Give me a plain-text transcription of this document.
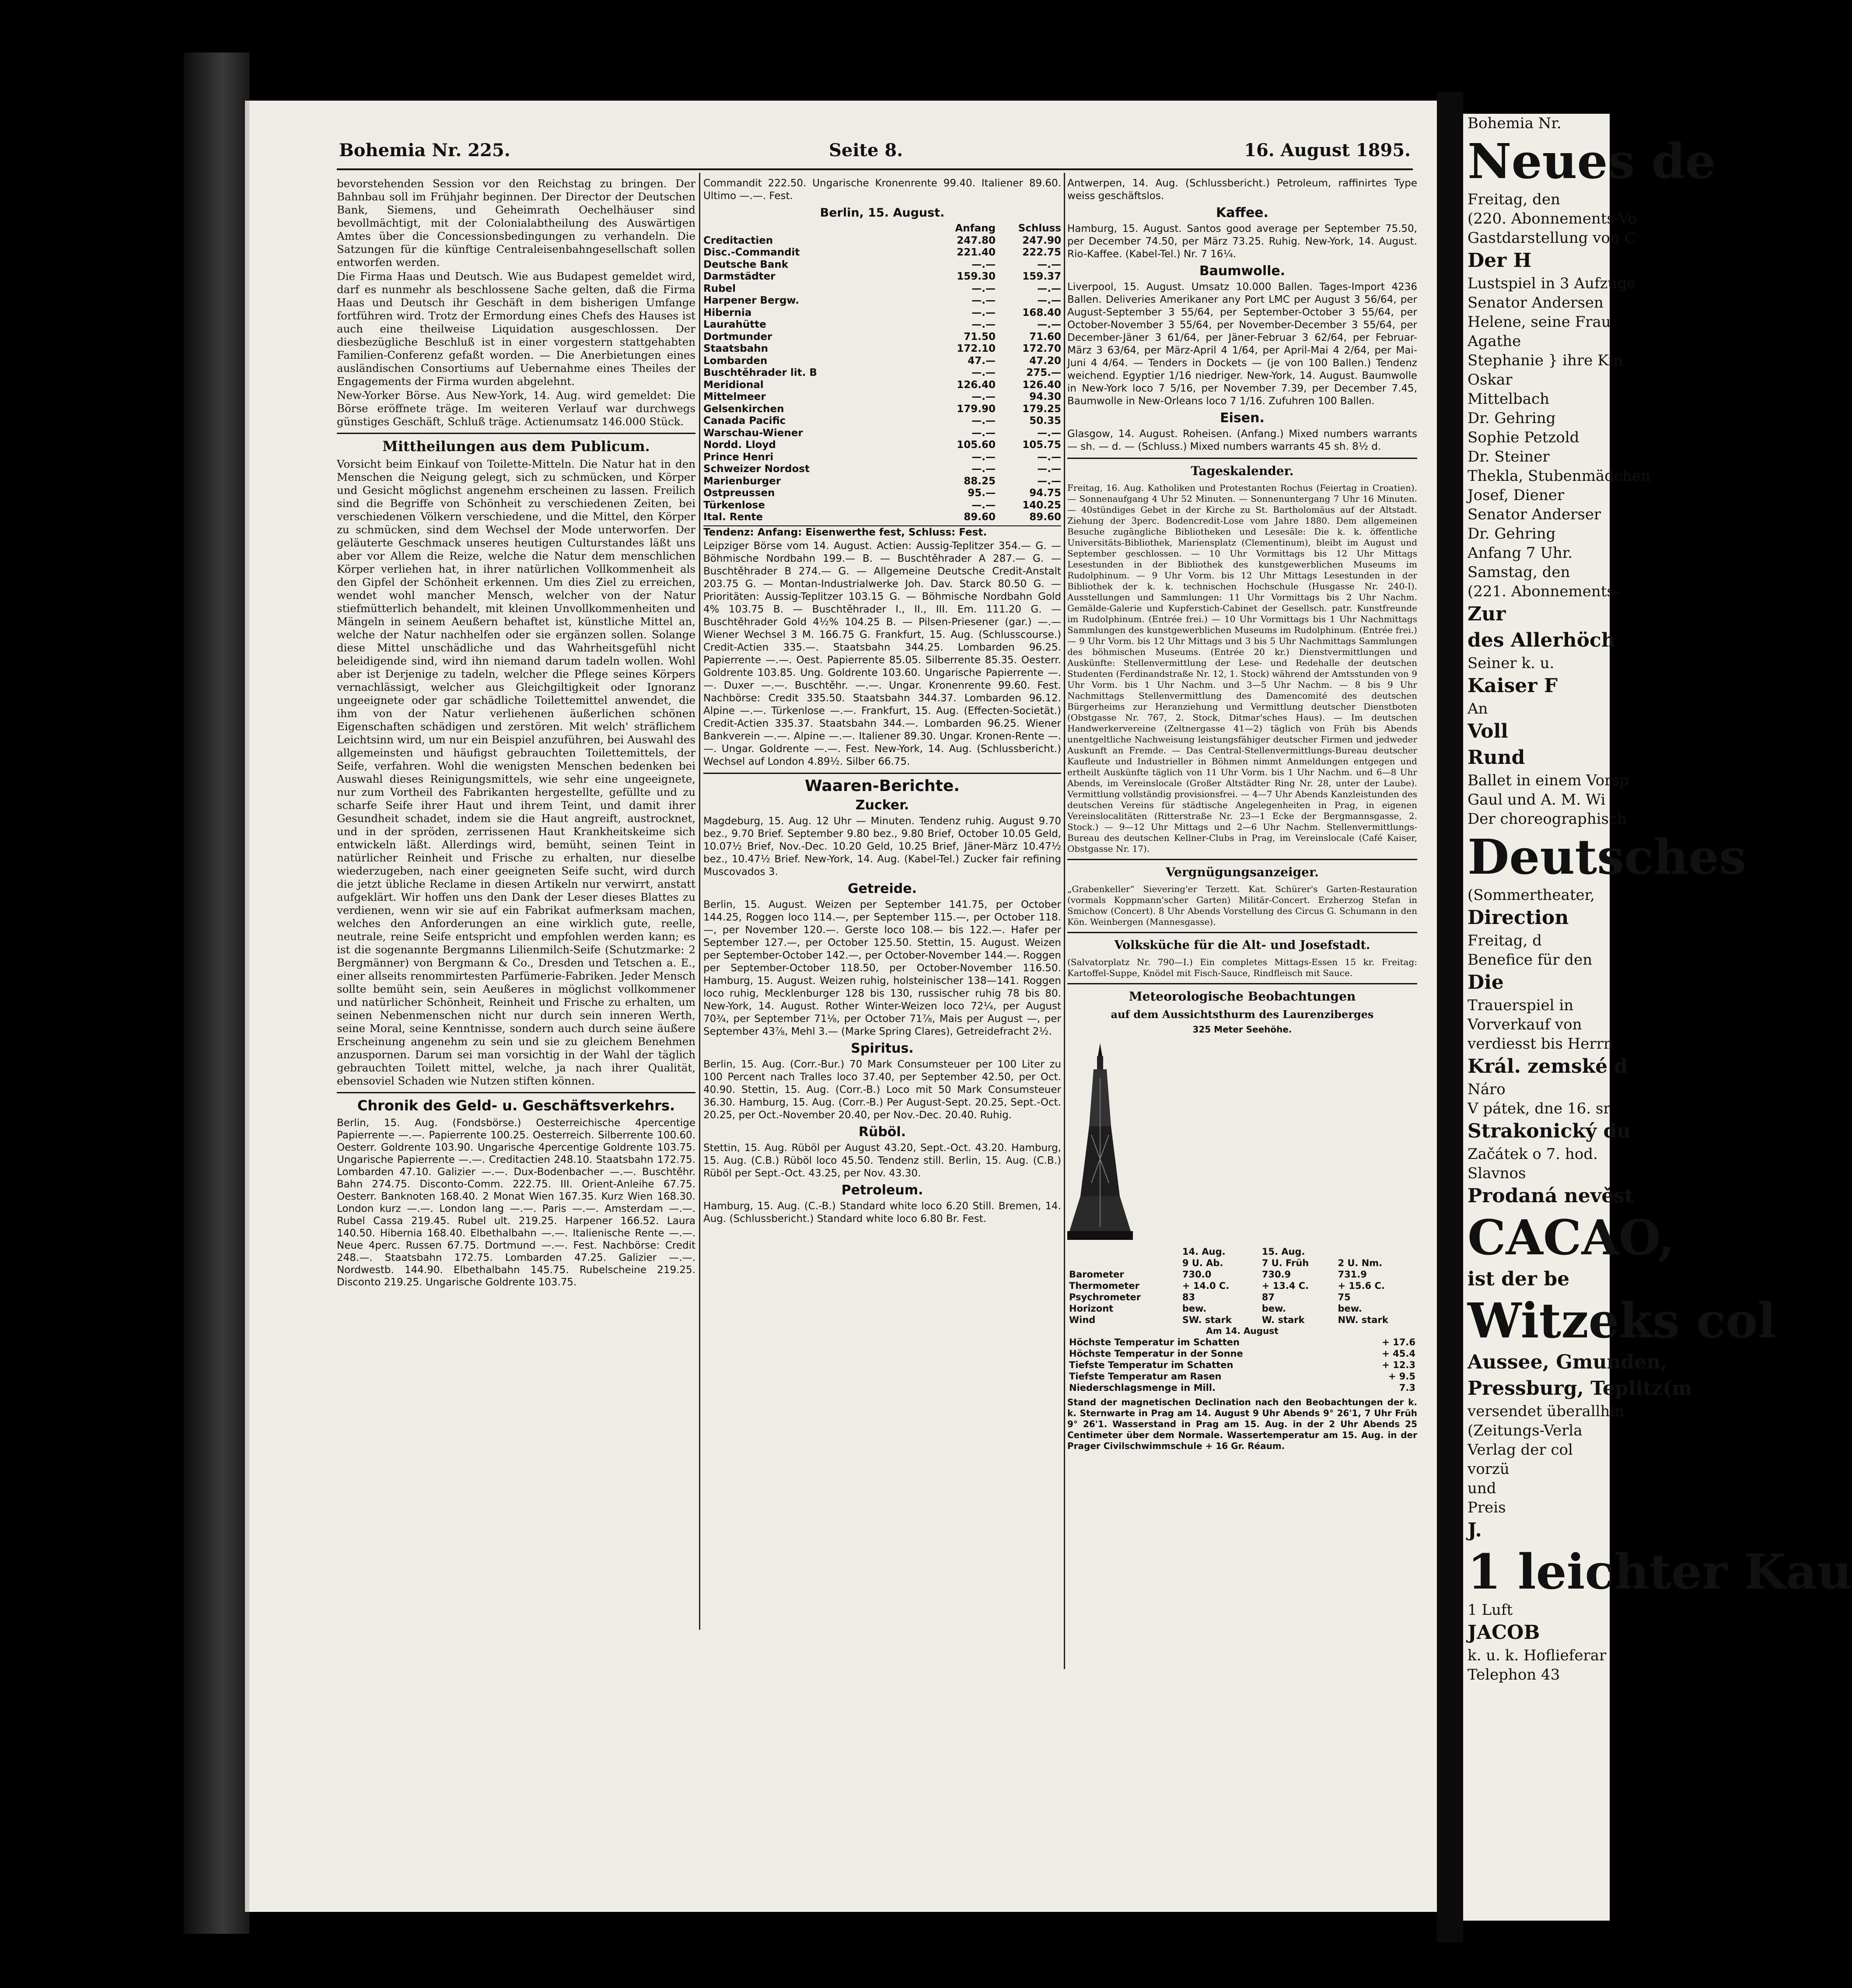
Bohemia Nr. 225.	Seite 8.	16. August 1895.

bevorstehenden Session vor den Reichstag zu bringen. Der Bahnbau soll im Frühjahr beginnen. Der Director der Deutschen Bank, Siemens, und Geheimrath Oechelhäuser sind bevollmächtigt, mit der Colonialabtheilung des Auswärtigen Amtes über die Concessionsbedingungen zu verhandeln. Die Satzungen für die künftige Centraleisenbahngesellschaft sollen entworfen werden.

Die Firma Haas und Deutsch. Wie aus Budapest gemeldet wird, darf es nunmehr als beschlossene Sache gelten, daß die Firma Haas und Deutsch ihr Geschäft in dem bisherigen Umfange fortführen wird. Trotz der Ermordung eines Chefs des Hauses ist auch eine theilweise Liquidation ausgeschlossen. Der diesbezügliche Beschluß ist in einer vorgestern stattgehabten Familien-Conferenz gefaßt worden. — Die Anerbietungen eines ausländischen Consortiums auf Uebernahme eines Theiles der Engagements der Firma wurden abgelehnt.

New-Yorker Börse. Aus New-York, 14. Aug. wird gemeldet: Die Börse eröffnete träge. Im weiteren Verlauf war durchwegs günstiges Geschäft, Schluß träge. Actienumsatz 146.000 Stück.

Mittheilungen aus dem Publicum.

Vorsicht beim Einkauf von Toilette-Mitteln. Die Natur hat in den Menschen die Neigung gelegt, sich zu schmücken, und Körper und Gesicht möglichst angenehm erscheinen zu lassen. Freilich sind die Begriffe von Schönheit zu verschiedenen Zeiten, bei verschiedenen Völkern verschiedene, und die Mittel, den Körper zu schmücken, sind dem Wechsel der Mode unterworfen. Der geläuterte Geschmack unseres heutigen Culturstandes läßt uns aber vor Allem die Reize, welche die Natur dem menschlichen Körper verliehen hat, in ihrer natürlichen Vollkommenheit als den Gipfel der Schönheit erkennen. Um dies Ziel zu erreichen, wendet wohl mancher Mensch, welcher von der Natur stiefmütterlich behandelt, mit kleinen Unvollkommenheiten und Mängeln in seinem Aeußern behaftet ist, künstliche Mittel an, welche der Natur nachhelfen oder sie ergänzen sollen. Solange diese Mittel unschädliche und das Wahrheitsgefühl nicht beleidigende sind, wird ihn niemand darum tadeln wollen. Wohl aber ist Derjenige zu tadeln, welcher die Pflege seines Körpers vernachlässigt, welcher aus Gleichgiltigkeit oder Ignoranz ungeeignete oder gar schädliche Toilettemittel anwendet, die ihm von der Natur verliehenen äußerlichen schönen Eigenschaften schädigen und zerstören. Mit welch' sträflichem Leichtsinn wird, um nur ein Beispiel anzuführen, bei Auswahl des allgemeinsten und häufigst gebrauchten Toilettemittels, der Seife, verfahren. Wohl die wenigsten Menschen bedenken bei Auswahl dieses Reinigungsmittels, wie sehr eine ungeeignete, nur zum Vortheil des Fabrikanten hergestellte, gefüllte und zu scharfe Seife ihrer Haut und ihrem Teint, und damit ihrer Gesundheit schadet, indem sie die Haut angreift, austrocknet, und in der spröden, zerrissenen Haut Krankheitskeime sich entwickeln läßt. Allerdings wird, bemüht, seinen Teint in natürlicher Reinheit und Frische zu erhalten, nur dieselbe wiederzugeben, nach einer geeigneten Seife sucht, wird durch die jetzt übliche Reclame in diesen Artikeln nur verwirrt, anstatt aufgeklärt. Wir hoffen uns den Dank der Leser dieses Blattes zu verdienen, wenn wir sie auf ein Fabrikat aufmerksam machen, welches den Anforderungen an eine wirklich gute, reelle, neutrale, reine Seife entspricht und empfohlen werden kann; es ist die sogenannte Bergmanns Lilienmilch-Seife (Schutzmarke: 2 Bergmänner) von Bergmann & Co., Dresden und Tetschen a. E., einer allseits renommirtesten Parfümerie-Fabriken. Jeder Mensch sollte bemüht sein, sein Aeußeres in möglichst vollkommener und natürlicher Schönheit, Reinheit und Frische zu erhalten, um seinen Nebenmenschen nicht nur durch sein inneren Werth, seine Moral, seine Kenntnisse, sondern auch durch seine äußere Erscheinung angenehm zu sein und sie zu gleichem Benehmen anzuspornen. Darum sei man vorsichtig in der Wahl der täglich gebrauchten Toilett mittel, welche, ja nach ihrer Qualität, ebensoviel Schaden wie Nutzen stiften können.

Chronik des Geld- u. Geschäftsverkehrs.

Berlin, 15. Aug. (Fondsbörse.) Oesterreichische 4percentige Papierrente —.—. Papierrente 100.25. Oesterreich. Silberrente 100.60. Oesterr. Goldrente 103.90. Ungarische 4percentige Goldrente 103.75. Ungarische Papierrente —.—. Creditactien 248.10. Staatsbahn 172.75. Lombarden 47.10. Galizier —.—. Dux-Bodenbacher —.—. Buschtěhr. Bahn 274.75. Disconto-Comm. 222.75. III. Orient-Anleihe 67.75. Oesterr. Banknoten 168.40. 2 Monat Wien 167.35. Kurz Wien 168.30. London kurz —.—. London lang —.—. Paris —.—. Amsterdam —.—. Rubel Cassa 219.45. Rubel ult. 219.25. Harpener 166.52. Laura 140.50. Hibernia 168.40. Elbethalbahn —.—. Italienische Rente —.—. Neue 4perc. Russen 67.75. Dortmund —.—. Fest. Nachbörse: Credit 248.—. Staatsbahn 172.75. Lombarden 47.25. Galizier —.—. Nordwestb. 144.90. Elbethalbahn 145.75. Rubelscheine 219.25. Disconto 219.25. Ungarische Goldrente 103.75.

Commandit 222.50. Ungarische Kronenrente 99.40. Italiener 89.60. Ultimo —.—. Fest.

Berlin, 15. August.
	Anfang	Schluss
Creditactien	247.80	247.90
Disc.-Commandit	221.40	222.75
Deutsche Bank	—.—	—.—
Darmstädter	159.30	159.37
Rubel	—.—	—.—
Harpener Bergw.	—.—	—.—
Hibernia	—.—	168.40
Laurahütte	—.—	—.—
Dortmunder	71.50	71.60
Staatsbahn	172.10	172.70
Lombarden	47.—	47.20
Buschtěhrader lit. B	—.—	275.—
Meridional	126.40	126.40
Mittelmeer	—.—	94.30
Gelsenkirchen	179.90	179.25
Canada Pacific	—.—	50.35
Warschau-Wiener	—.—	—.—
Nordd. Lloyd	105.60	105.75
Prince Henri	—.—	—.—
Schweizer Nordost	—.—	—.—
Marienburger	88.25	—.—
Ostpreussen	95.—	94.75
Türkenlose	—.—	140.25
Ital. Rente	89.60	89.60

Tendenz: Anfang: Eisenwerthe fest, Schluss: Fest.

Leipziger Börse vom 14. August. Actien: Aussig-Teplitzer 354.— G. — Böhmische Nordbahn 199.— B. — Buschtěhrader A 287.— G. — Buschtěhrader B 274.— G. — Allgemeine Deutsche Credit-Anstalt 203.75 G. — Montan-Industrialwerke Joh. Dav. Starck 80.50 G. — Prioritäten: Aussig-Teplitzer 103.15 G. — Böhmische Nordbahn Gold 4% 103.75 B. — Buschtěhrader I., II., III. Em. 111.20 G. — Buschtěhrader Gold 4½% 104.25 B. — Pilsen-Priesener (gar.) —.— Wiener Wechsel 3 M. 166.75 G. Frankfurt, 15. Aug. (Schlusscourse.) Credit-Actien 335.—. Staatsbahn 344.25. Lombarden 96.25. Papierrente —.—. Oest. Papierrente 85.05. Silberrente 85.35. Oesterr. Goldrente 103.85. Ung. Goldrente 103.60. Ungarische Papierrente —.—. Duxer —.—. Buschtěhr. —.—. Ungar. Kronenrente 99.60. Fest. Nachbörse: Credit 335.50. Staatsbahn 344.37. Lombarden 96.12. Alpine —.—. Türkenlose —.—. Frankfurt, 15. Aug. (Effecten-Societät.) Credit-Actien 335.37. Staatsbahn 344.—. Lombarden 96.25. Wiener Bankverein —.—. Alpine —.—. Italiener 89.30. Ungar. Kronen-Rente —.—. Ungar. Goldrente —.—. Fest. New-York, 14. Aug. (Schlussbericht.) Wechsel auf London 4.89½. Silber 66.75.

Waaren-Berichte.
Zucker.

Magdeburg, 15. Aug. 12 Uhr — Minuten. Tendenz ruhig. August 9.70 bez., 9.70 Brief. September 9.80 bez., 9.80 Brief, October 10.05 Geld, 10.07½ Brief, Nov.-Dec. 10.20 Geld, 10.25 Brief, Jäner-März 10.47½ bez., 10.47½ Brief. New-York, 14. Aug. (Kabel-Tel.) Zucker fair refining Muscovados 3.

Getreide.

Berlin, 15. August. Weizen per September 141.75, per October 144.25, Roggen loco 114.—, per September 115.—, per October 118.—, per November 120.—. Gerste loco 108.— bis 122.—. Hafer per September 127.—, per October 125.50. Stettin, 15. August. Weizen per September-October 142.—, per October-November 144.—. Roggen per September-October 118.50, per October-November 116.50. Hamburg, 15. August. Weizen ruhig, holsteinischer 138—141. Roggen loco ruhig, Mecklenburger 128 bis 130, russischer ruhig 78 bis 80. New-York, 14. August. Rother Winter-Weizen loco 72¼, per August 70¾, per September 71⅛, per October 71⅞, Mais per August —, per September 43⅞, Mehl 3.— (Marke Spring Clares), Getreidefracht 2½.

Spiritus.

Berlin, 15. Aug. (Corr.-Bur.) 70 Mark Consumsteuer per 100 Liter zu 100 Percent nach Tralles loco 37.40, per September 42.50, per Oct. 40.90. Stettin, 15. Aug. (Corr.-B.) Loco mit 50 Mark Consumsteuer 36.30. Hamburg, 15. Aug. (Corr.-B.) Per August-Sept. 20.25, Sept.-Oct. 20.25, per Oct.-November 20.40, per Nov.-Dec. 20.40. Ruhig.

Rüböl.

Stettin, 15. Aug. Rüböl per August 43.20, Sept.-Oct. 43.20. Hamburg, 15. Aug. (C.B.) Rüböl loco 45.50. Tendenz still. Berlin, 15. Aug. (C.B.) Rüböl per Sept.-Oct. 43.25, per Nov. 43.30.

Petroleum.

Hamburg, 15. Aug. (C.-B.) Standard white loco 6.20 Still. Bremen, 14. Aug. (Schlussbericht.) Standard white loco 6.80 Br. Fest.

Antwerpen, 14. Aug. (Schlussbericht.) Petroleum, raffinirtes Type weiss geschäftslos.

Kaffee.

Hamburg, 15. August. Santos good average per September 75.50, per December 74.50, per März 73.25. Ruhig. New-York, 14. August. Rio-Kaffee. (Kabel-Tel.) Nr. 7 16¼.

Baumwolle.

Liverpool, 15. August. Umsatz 10.000 Ballen. Tages-Import 4236 Ballen. Deliveries Amerikaner any Port LMC per August 3 56/64, per August-September 3 55/64, per September-October 3 55/64, per October-November 3 55/64, per November-December 3 55/64, per December-Jäner 3 61/64, per Jäner-Februar 3 62/64, per Februar-März 3 63/64, per März-April 4 1/64, per April-Mai 4 2/64, per Mai-Juni 4 4/64. — Tenders in Dockets — (je von 100 Ballen.) Tendenz weichend. Egyptier 1/16 niedriger. New-York, 14. August. Baumwolle in New-York loco 7 5/16, per November 7.39, per December 7.45, Baumwolle in New-Orleans loco 7 1/16. Zufuhren 100 Ballen.

Eisen.

Glasgow, 14. August. Roheisen. (Anfang.) Mixed numbers warrants — sh. — d. — (Schluss.) Mixed numbers warrants 45 sh. 8½ d.

Tageskalender.

Freitag, 16. Aug. Katholiken und Protestanten Rochus (Feiertag in Croatien). — Sonnenaufgang 4 Uhr 52 Minuten. — Sonnenuntergang 7 Uhr 16 Minuten. — 40stündiges Gebet in der Kirche zu St. Bartholomäus auf der Altstadt. Ziehung der 3perc. Bodencredit-Lose vom Jahre 1880. Dem allgemeinen Besuche zugängliche Bibliotheken und Lesesäle: Die k. k. öffentliche Universitäts-Bibliothek, Mariensplatz (Clementinum), bleibt im August und September geschlossen. — 10 Uhr Vormittags bis 12 Uhr Mittags Lesestunden in der Bibliothek des kunstgewerblichen Museums im Rudolphinum. — 9 Uhr Vorm. bis 12 Uhr Mittags Lesestunden in der Bibliothek der k. k. technischen Hochschule (Husgasse Nr. 240-I). Ausstellungen und Sammlungen: 11 Uhr Vormittags bis 2 Uhr Nachm. Gemälde-Galerie und Kupferstich-Cabinet der Gesellsch. patr. Kunstfreunde im Rudolphinum. (Entrée frei.) — 10 Uhr Vormittags bis 1 Uhr Nachmittags Sammlungen des kunstgewerblichen Museums im Rudolphinum. (Entrée frei.) — 9 Uhr Vorm. bis 12 Uhr Mittags und 3 bis 5 Uhr Nachmittags Sammlungen des böhmischen Museums. (Entrée 20 kr.) Dienstvermittlungen und Auskünfte: Stellenvermittlung der Lese- und Redehalle der deutschen Studenten (Ferdinandstraße Nr. 12, 1. Stock) während der Amtsstunden von 9 Uhr Vorm. bis 1 Uhr Nachm. und 3—5 Uhr Nachm. — 8 bis 9 Uhr Nachmittags Stellenvermittlung des Damencomité des deutschen Bürgerheims zur Heranziehung und Vermittlung deutscher Dienstboten (Obstgasse Nr. 767, 2. Stock, Ditmar'sches Haus). — Im deutschen Handwerkervereine (Zeltnergasse 41—2) täglich von Früh bis Abends unentgeltliche Nachweisung leistungsfähiger deutscher Firmen und jedweder Auskunft an Fremde. — Das Central-Stellenvermittlungs-Bureau deutscher Kaufleute und Industrieller in Böhmen nimmt Anmeldungen entgegen und ertheilt Auskünfte täglich von 11 Uhr Vorm. bis 1 Uhr Nachm. und 6—8 Uhr Abends, im Vereinslocale (Großer Altstädter Ring Nr. 28, unter der Laube). Vermittlung vollständig provisionsfrei. — 4—7 Uhr Abends Kanzleistunden des deutschen Vereins für städtische Angelegenheiten in Prag, in eigenen Vereinslocalitäten (Ritterstraße Nr. 23—1 Ecke der Bergmannsgasse, 2. Stock.) — 9—12 Uhr Mittags und 2—6 Uhr Nachm. Stellenvermittlungs-Bureau des deutschen Kellner-Clubs in Prag, im Vereinslocale (Café Kaiser, Obstgasse Nr. 17).

Vergnügungsanzeiger.

„Grabenkeller“ Sievering'er Terzett. Kat. Schürer's Garten-Restauration (vormals Koppmann'scher Garten) Militär-Concert. Erzherzog Stefan in Smichow (Concert). 8 Uhr Abends Vorstellung des Circus G. Schumann in den Kön. Weinbergen (Mannesgasse).

Volksküche für die Alt- und Josefstadt.

(Salvatorplatz Nr. 790—I.) Ein completes Mittags-Essen 15 kr. Freitag: Kartoffel-Suppe, Knödel mit Fisch-Sauce, Rindfleisch mit Sauce.

Meteorologische Beobachtungen
auf dem Aussichtsthurm des Laurenziberges
325 Meter Seehöhe.
	14. Aug.	15. Aug.	
	9 U. Ab.	7 U. Früh	2 U. Nm.
Barometer	730.0	730.9	731.9
Thermometer	+ 14.0 C.	+ 13.4 C.	+ 15.6 C.
Psychrometer	83	87	75
Horizont	bew.	bew.	bew.
Wind	SW. stark	W. stark	NW. stark
Am 14. August
Höchste Temperatur im Schatten	+ 17.6
Höchste Temperatur in der Sonne	+ 45.4
Tiefste Temperatur im Schatten	+ 12.3
Tiefste Temperatur am Rasen	+ 9.5
Niederschlagsmenge in Mill.	7.3

Stand der magnetischen Declination nach den Beobachtungen der k. k. Sternwarte in Prag am 14. August 9 Uhr Abends 9° 26'1, 7 Uhr Früh 9° 26'1. Wasserstand in Prag am 15. Aug. in der 2 Uhr Abends 25 Centimeter über dem Normale. Wassertemperatur am 15. Aug. in der Prager Civilschwimmschule + 16 Gr. Réaum.

Bohemia Nr.
Neues de
Freitag, den
(220. Abonnements-Vo
Gastdarstellung von C
Der H
Lustspiel in 3 Aufzüge
Senator Andersen
Helene, seine Frau
Agathe
Stephanie } ihre Kin
Oskar
Mittelbach
Dr. Gehring
Sophie Petzold
Dr. Steiner
Thekla, Stubenmädchen
Josef, Diener
Senator Anderser
Dr. Gehring
Anfang 7 Uhr.
Samstag, den
(221. Abonnements-
Zur
des Allerhöch
Seiner k. u.
Kaiser F
An
Voll
Rund
Ballet in einem Vorsp
Gaul und A. M. Wi
Der choreographisch
Deutsches
(Sommertheater,
Direction
Freitag, d
Benefice für den
Die
Trauerspiel in
Vorverkauf von
verdiesst bis Herrn
Král. zemské d
Náro
V pátek, dne 16. sr
Strakonický du
Začátek o 7. hod.
Slavnos
Prodaná nevěst
CACAO,
ist der be
Witzeks col
Aussee, Gmunden,
Pressburg, Teplitz(m
versendet überallhin
(Zeitungs-Verla
Verlag der col
vorzü
und
Preis
J.
1 leichter Kau
1 Luft
JACOB
k. u. k. Hoflieferar
Telephon 43
